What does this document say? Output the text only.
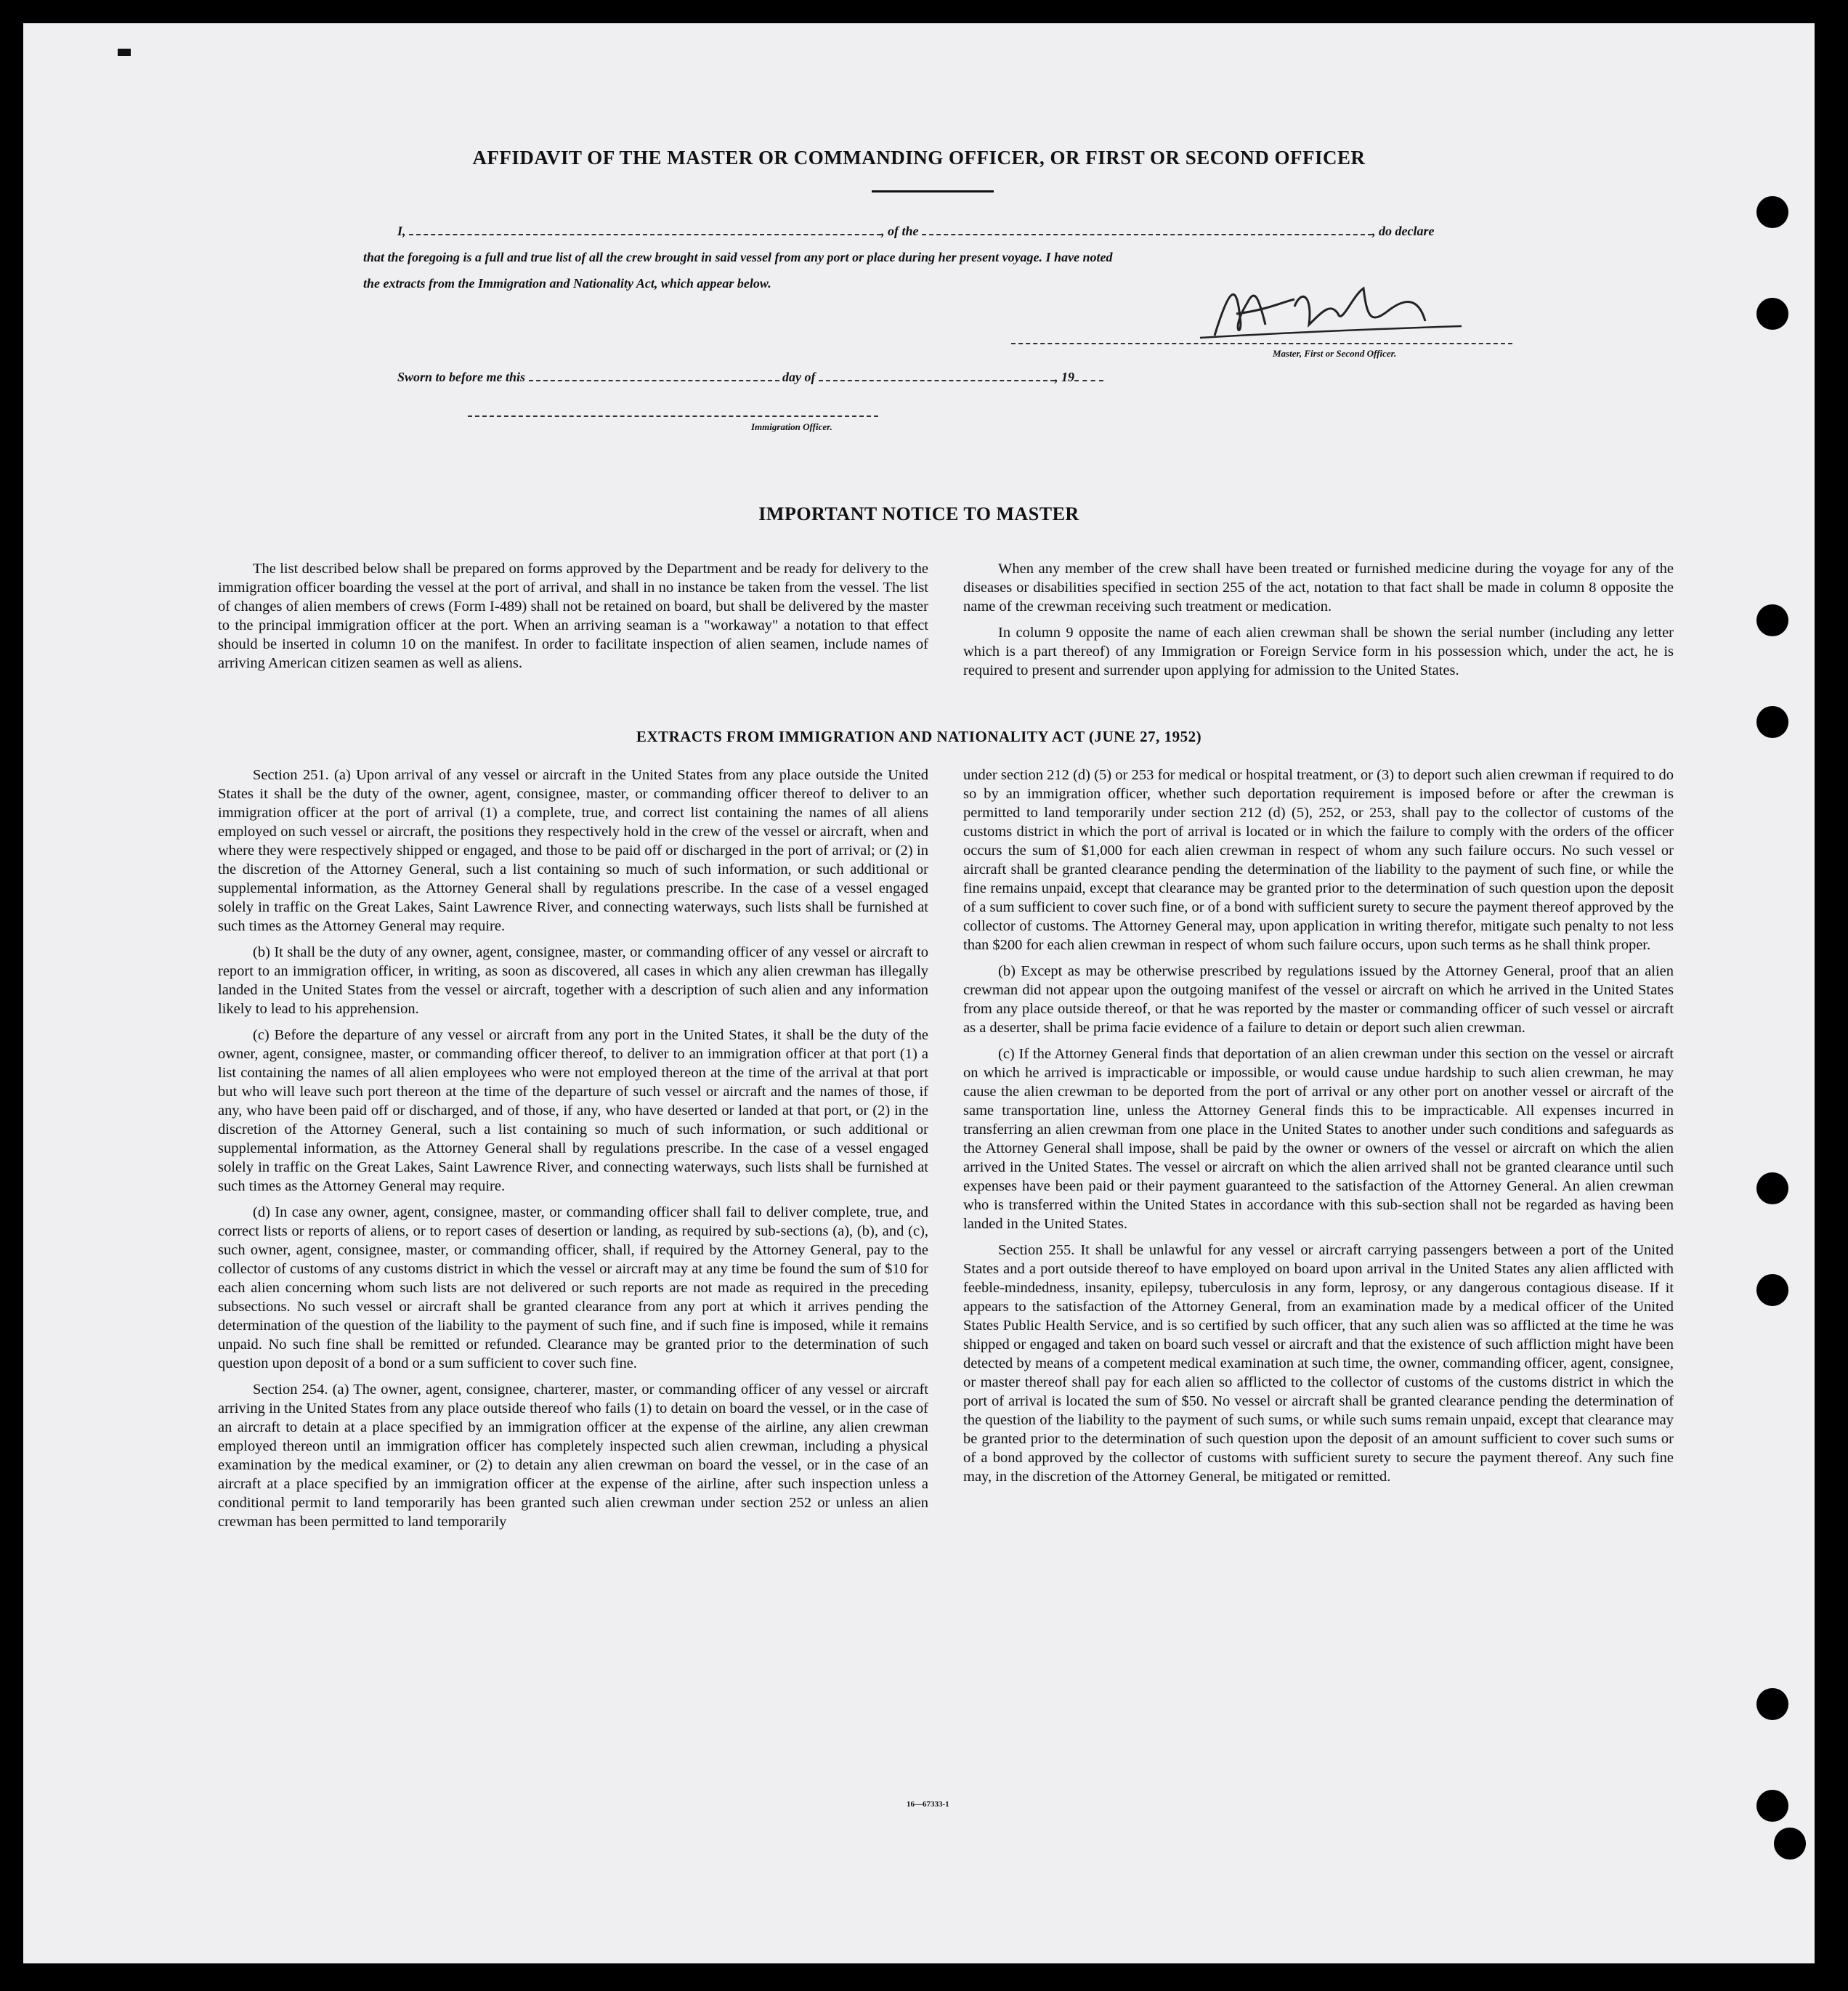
AFFIDAVIT OF THE MASTER OR COMMANDING OFFICER, OR FIRST OR SECOND OFFICER
I,	, of the	, do declare
that the foregoing is a full and true list of all the crew brought in said vessel from any port or place during her present voyage. I have noted
the extracts from the Immigration and Nationality Act, which appear below.
Master, First or Second Officer.
Sworn to before me this	day of	, 19
Immigration Officer.
IMPORTANT NOTICE TO MASTER

The list described below shall be prepared on forms approved by the Department and be ready for delivery to the immigration officer boarding the vessel at the port of arrival, and shall in no instance be taken from the vessel. The list of changes of alien members of crews (Form I-489) shall not be retained on board, but shall be delivered by the master to the principal immigration officer at the port. When an arriving seaman is a "workaway" a notation to that effect should be inserted in column 10 on the manifest. In order to facilitate inspection of alien seamen, include names of arriving American citizen seamen as well as aliens.

When any member of the crew shall have been treated or furnished medicine during the voyage for any of the diseases or disabilities specified in section 255 of the act, notation to that fact shall be made in column 8 opposite the name of the crewman receiving such treatment or medication.

In column 9 opposite the name of each alien crewman shall be shown the serial number (including any letter which is a part thereof) of any Immigration or Foreign Service form in his possession which, under the act, he is required to present and surrender upon applying for admission to the United States.

EXTRACTS FROM IMMIGRATION AND NATIONALITY ACT (JUNE 27, 1952)

Section 251. (a) Upon arrival of any vessel or aircraft in the United States from any place outside the United States it shall be the duty of the owner, agent, consignee, master, or commanding officer thereof to deliver to an immigration officer at the port of arrival (1) a complete, true, and correct list containing the names of all aliens employed on such vessel or aircraft, the positions they respectively hold in the crew of the vessel or aircraft, when and where they were respectively shipped or engaged, and those to be paid off or discharged in the port of arrival; or (2) in the discretion of the Attorney General, such a list containing so much of such information, or such additional or supplemental information, as the Attorney General shall by regulations prescribe. In the case of a vessel engaged solely in traffic on the Great Lakes, Saint Lawrence River, and connecting waterways, such lists shall be furnished at such times as the Attorney General may require.

(b) It shall be the duty of any owner, agent, consignee, master, or commanding officer of any vessel or aircraft to report to an immigration officer, in writing, as soon as discovered, all cases in which any alien crewman has illegally landed in the United States from the vessel or aircraft, together with a description of such alien and any information likely to lead to his apprehension.

(c) Before the departure of any vessel or aircraft from any port in the United States, it shall be the duty of the owner, agent, consignee, master, or commanding officer thereof, to deliver to an immigration officer at that port (1) a list containing the names of all alien employees who were not employed thereon at the time of the arrival at that port but who will leave such port thereon at the time of the departure of such vessel or aircraft and the names of those, if any, who have been paid off or discharged, and of those, if any, who have deserted or landed at that port, or (2) in the discretion of the Attorney General, such a list containing so much of such information, or such additional or supplemental information, as the Attorney General shall by regulations prescribe. In the case of a vessel engaged solely in traffic on the Great Lakes, Saint Lawrence River, and connecting waterways, such lists shall be furnished at such times as the Attorney General may require.

(d) In case any owner, agent, consignee, master, or commanding officer shall fail to deliver complete, true, and correct lists or reports of aliens, or to report cases of desertion or landing, as required by sub-sections (a), (b), and (c), such owner, agent, consignee, master, or commanding officer, shall, if required by the Attorney General, pay to the collector of customs of any customs district in which the vessel or aircraft may at any time be found the sum of $10 for each alien concerning whom such lists are not delivered or such reports are not made as required in the preceding subsections. No such vessel or aircraft shall be granted clearance from any port at which it arrives pending the determination of the question of the liability to the payment of such fine, and if such fine is imposed, while it remains unpaid. No such fine shall be remitted or refunded. Clearance may be granted prior to the determination of such question upon deposit of a bond or a sum sufficient to cover such fine.

Section 254. (a) The owner, agent, consignee, charterer, master, or commanding officer of any vessel or aircraft arriving in the United States from any place outside thereof who fails (1) to detain on board the vessel, or in the case of an aircraft to detain at a place specified by an immigration officer at the expense of the airline, any alien crewman employed thereon until an immigration officer has completely inspected such alien crewman, including a physical examination by the medical examiner, or (2) to detain any alien crewman on board the vessel, or in the case of an aircraft at a place specified by an immigration officer at the expense of the airline, after such inspection unless a conditional permit to land temporarily has been granted such alien crewman under section 252 or unless an alien crewman has been permitted to land temporarily

under section 212 (d) (5) or 253 for medical or hospital treatment, or (3) to deport such alien crewman if required to do so by an immigration officer, whether such deportation requirement is imposed before or after the crewman is permitted to land temporarily under section 212 (d) (5), 252, or 253, shall pay to the collector of customs of the customs district in which the port of arrival is located or in which the failure to comply with the orders of the officer occurs the sum of $1,000 for each alien crewman in respect of whom any such failure occurs. No such vessel or aircraft shall be granted clearance pending the determination of the liability to the payment of such fine, or while the fine remains unpaid, except that clearance may be granted prior to the determination of such question upon the deposit of a sum sufficient to cover such fine, or of a bond with sufficient surety to secure the payment thereof approved by the collector of customs. The Attorney General may, upon application in writing therefor, mitigate such penalty to not less than $200 for each alien crewman in respect of whom such failure occurs, upon such terms as he shall think proper.

(b) Except as may be otherwise prescribed by regulations issued by the Attorney General, proof that an alien crewman did not appear upon the outgoing manifest of the vessel or aircraft on which he arrived in the United States from any place outside thereof, or that he was reported by the master or commanding officer of such vessel or aircraft as a deserter, shall be prima facie evidence of a failure to detain or deport such alien crewman.

(c) If the Attorney General finds that deportation of an alien crewman under this section on the vessel or aircraft on which he arrived is impracticable or impossible, or would cause undue hardship to such alien crewman, he may cause the alien crewman to be deported from the port of arrival or any other port on another vessel or aircraft of the same transportation line, unless the Attorney General finds this to be impracticable. All expenses incurred in transferring an alien crewman from one place in the United States to another under such conditions and safeguards as the Attorney General shall impose, shall be paid by the owner or owners of the vessel or aircraft on which the alien arrived in the United States. The vessel or aircraft on which the alien arrived shall not be granted clearance until such expenses have been paid or their payment guaranteed to the satisfaction of the Attorney General. An alien crewman who is transferred within the United States in accordance with this sub-section shall not be regarded as having been landed in the United States.

Section 255. It shall be unlawful for any vessel or aircraft carrying passengers between a port of the United States and a port outside thereof to have employed on board upon arrival in the United States any alien afflicted with feeble-mindedness, insanity, epilepsy, tuberculosis in any form, leprosy, or any dangerous contagious disease. If it appears to the satisfaction of the Attorney General, from an examination made by a medical officer of the United States Public Health Service, and is so certified by such officer, that any such alien was so afflicted at the time he was shipped or engaged and taken on board such vessel or aircraft and that the existence of such affliction might have been detected by means of a competent medical examination at such time, the owner, commanding officer, agent, consignee, or master thereof shall pay for each alien so afflicted to the collector of customs of the customs district in which the port of arrival is located the sum of $50. No vessel or aircraft shall be granted clearance pending the determination of the question of the liability to the payment of such sums, or while such sums remain unpaid, except that clearance may be granted prior to the determination of such question upon the deposit of an amount sufficient to cover such sums or of a bond approved by the collector of customs with sufficient surety to secure the payment thereof. Any such fine may, in the discretion of the Attorney General, be mitigated or remitted.

16—67333-1
